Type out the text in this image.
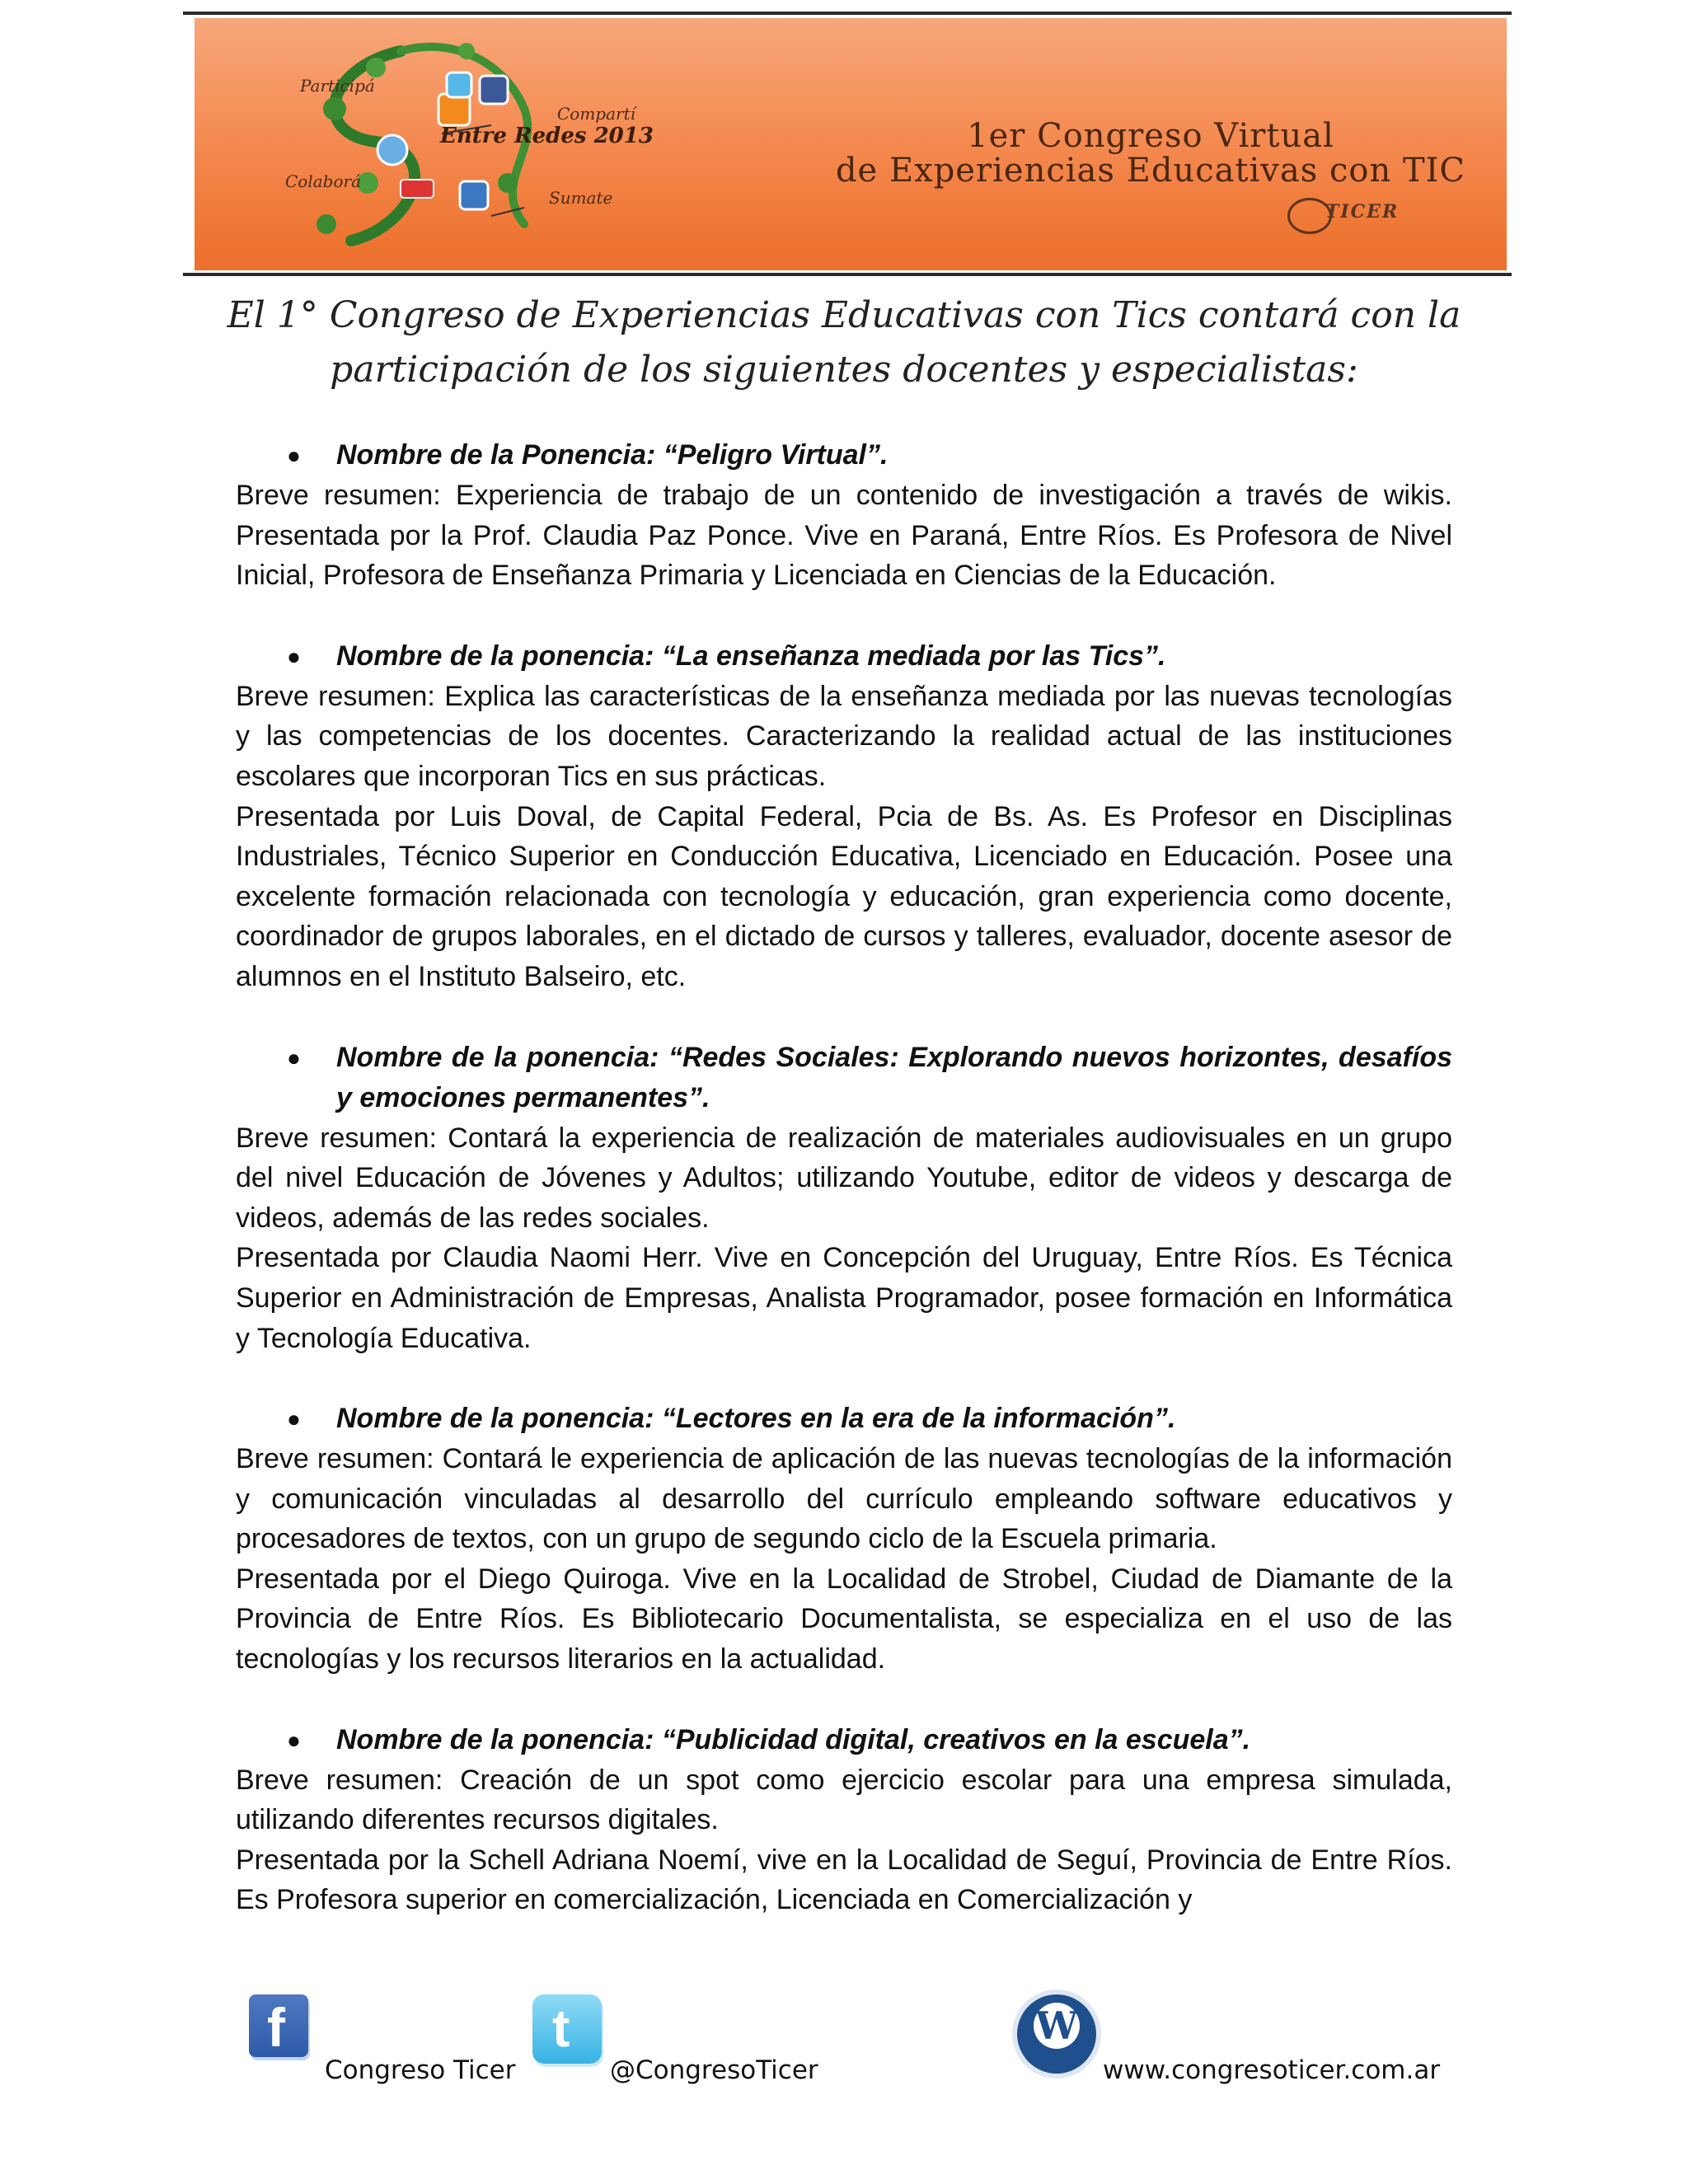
Participá
Compartí
Colaborá
Sumate
Entre Redes 2013	1er Congreso Virtual
de Experiencias Educativas con TIC
TICER
El 1° Congreso de Experiencias Educativas con Tics contará con la
participación de los siguientes docentes y especialistas:
● Nombre de la Ponencia: “Peligro Virtual”.
Breve resumen: Experiencia de trabajo de un contenido de investigación a través de wikis. Presentada por la Prof. Claudia Paz Ponce. Vive en Paraná, Entre Ríos. Es Profesora de Nivel Inicial, Profesora de Enseñanza Primaria y Licenciada en Ciencias de la Educación.
● Nombre de la ponencia: “La enseñanza mediada por las Tics”.
Breve resumen: Explica las características de la enseñanza mediada por las nuevas tecnologías y las competencias de los docentes. Caracterizando la realidad actual de las instituciones escolares que incorporan Tics en sus prácticas.
Presentada por Luis Doval, de Capital Federal, Pcia de Bs. As. Es Profesor en Disciplinas Industriales, Técnico Superior en Conducción Educativa, Licenciado en Educación. Posee una excelente formación relacionada con tecnología y educación, gran experiencia como docente, coordinador de grupos laborales, en el dictado de cursos y talleres, evaluador, docente asesor de alumnos en el Instituto Balseiro, etc.
● Nombre de la ponencia: “Redes Sociales: Explorando nuevos horizontes, desafíos y emociones permanentes”.
Breve resumen: Contará la experiencia de realización de materiales audiovisuales en un grupo del nivel Educación de Jóvenes y Adultos; utilizando Youtube, editor de videos y descarga de videos, además de las redes sociales.
Presentada por Claudia Naomi Herr. Vive en Concepción del Uruguay, Entre Ríos. Es Técnica Superior en Administración de Empresas, Analista Programador, posee formación en Informática y Tecnología Educativa.
● Nombre de la ponencia: “Lectores en la era de la información”.
Breve resumen: Contará le experiencia de aplicación de las nuevas tecnologías de la información y comunicación vinculadas al desarrollo del currículo empleando software educativos y procesadores de textos, con un grupo de segundo ciclo de la Escuela primaria.
Presentada por el Diego Quiroga. Vive en la Localidad de Strobel, Ciudad de Diamante de la Provincia de Entre Ríos. Es Bibliotecario Documentalista, se especializa en el uso de las tecnologías y los recursos literarios en la actualidad.
● Nombre de la ponencia: “Publicidad digital, creativos en la escuela”.
Breve resumen: Creación de un spot como ejercicio escolar para una empresa simulada, utilizando diferentes recursos digitales.
Presentada por la Schell Adriana Noemí, vive en la Localidad de Seguí, Provincia de Entre Ríos. Es Profesora superior en comercialización, Licenciada en Comercialización y
f
Congreso Ticer
t
@CongresoTicer
W
www.congresoticer.com.ar
